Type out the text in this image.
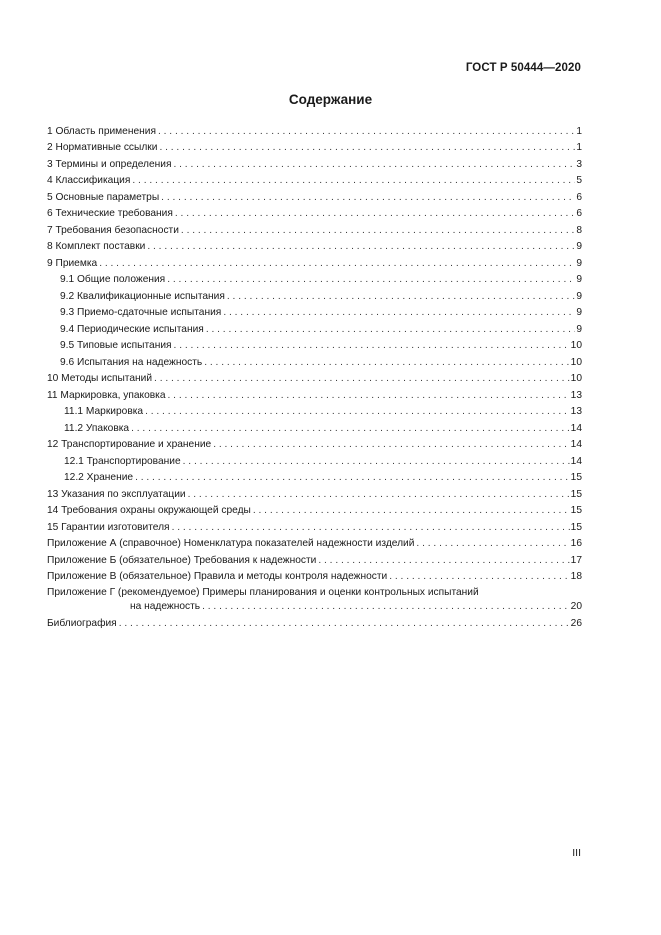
ГОСТ Р 50444—2020
Содержание
1 Область применения . . .	1
2 Нормативные ссылки . . .	1
3 Термины и определения . . .	3
4 Классификация . . .	5
5 Основные параметры . . .	6
6 Технические требования . . .	6
7 Требования безопасности . . .	8
8 Комплект поставки . . .	9
9 Приемка . . .	9
9.1 Общие положения . . .	9
9.2 Квалификационные испытания . . .	9
9.3 Приемо-сдаточные испытания . . .	9
9.4 Периодические испытания . . .	9
9.5 Типовые испытания . . .	10
9.6 Испытания на надежность . . .	10
10 Методы испытаний . . .	10
11 Маркировка, упаковка . . .	13
11.1 Маркировка . . .	13
11.2 Упаковка . . .	14
12 Транспортирование и хранение . . .	14
12.1 Транспортирование . . .	14
12.2 Хранение . . .	15
13 Указания по эксплуатации . . .	15
14 Требования охраны окружающей среды . . .	15
15 Гарантии изготовителя . . .	15
Приложение А (справочное) Номенклатура показателей надежности изделий . . .	16
Приложение Б (обязательное) Требования к надежности . . .	17
Приложение В (обязательное) Правила и методы контроля надежности . . .	18
Приложение Г (рекомендуемое) Примеры планирования и оценки контрольных испытаний
на надежность . . .	20
Библиография . . .	26
III
